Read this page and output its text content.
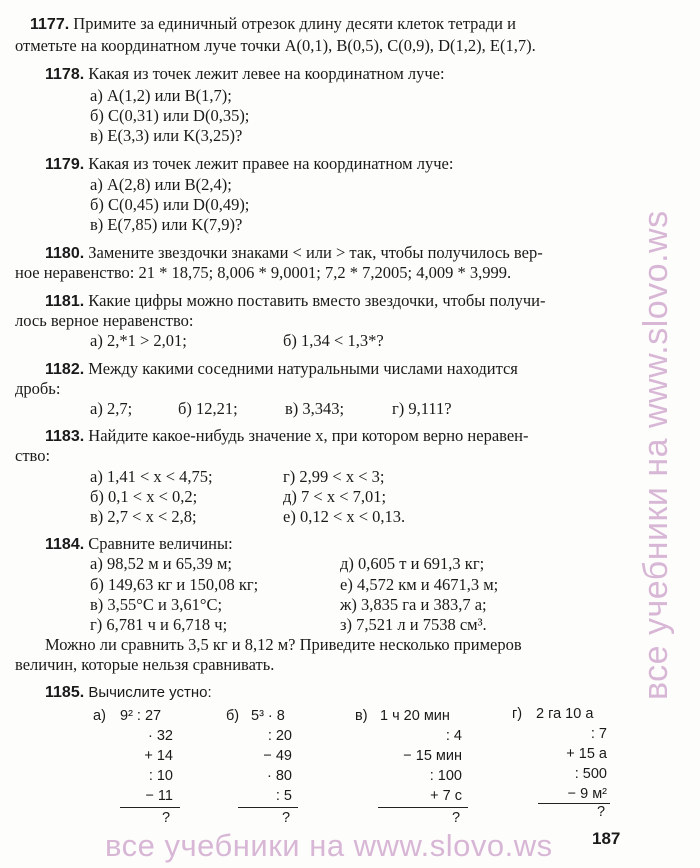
1177. Примите за единичный отрезок длину десяти клеток тетради и
отметьте на координатном луче точки A(0,1), B(0,5), C(0,9), D(1,2), E(1,7).
1178. Какая из точек лежит левее на координатном луче:
а) A(1,2) или B(1,7);
б) C(0,31) или D(0,35);
в) E(3,3) или K(3,25)?
1179. Какая из точек лежит правее на координатном луче:
а) A(2,8) или B(2,4);
б) C(0,45) или D(0,49);
в) E(7,85) или K(7,9)?
1180. Замените звездочки знаками < или > так, чтобы получилось вер-
ное неравенство: 21 * 18,75; 8,006 * 9,0001; 7,2 * 7,2005; 4,009 * 3,999.
1181. Какие цифры можно поставить вместо звездочки, чтобы получи-
лось верное неравенство:
а) 2,*1 > 2,01;	б) 1,34 < 1,3*?
1182. Между какими соседними натуральными числами находится
дробь:
а) 2,7;	б) 12,21;	в) 3,343;	г) 9,111?
1183. Найдите какое-нибудь значение x, при котором верно неравен-
ство:
а) 1,41 < x < 4,75;
б) 0,1 < x < 0,2;
в) 2,7 < x < 2,8;
г) 2,99 < x < 3;
д) 7 < x < 7,01;
е) 0,12 < x < 0,13.
1184. Сравните величины:
а) 98,52 м и 65,39 м;
б) 149,63 кг и 150,08 кг;
в) 3,55°С и 3,61°С;
г) 6,781 ч и 6,718 ч;
д) 0,605 т и 691,3 кг;
е) 4,572 км и 4671,3 м;
ж) 3,835 га и 383,7 а;
з) 7,521 л и 7538 см³.
Можно ли сравнить 3,5 кг и 8,12 м? Приведите несколько примеров
величин, которые нельзя сравнивать.
1185. Вычислите устно:
а) 9² : 27
· 32
+ 14
: 10
− 11
?
б) 5³ · 8
: 20
− 49
· 80
: 5
?
в) 1 ч 20 мин
: 4
− 15 мин
: 100
+ 7 с
?
г) 2 га 10 а
: 7
+ 15 а
: 500
− 9 м²
?
187
все учебники на www.slovo.ws
все учебники на www.slovo.ws
